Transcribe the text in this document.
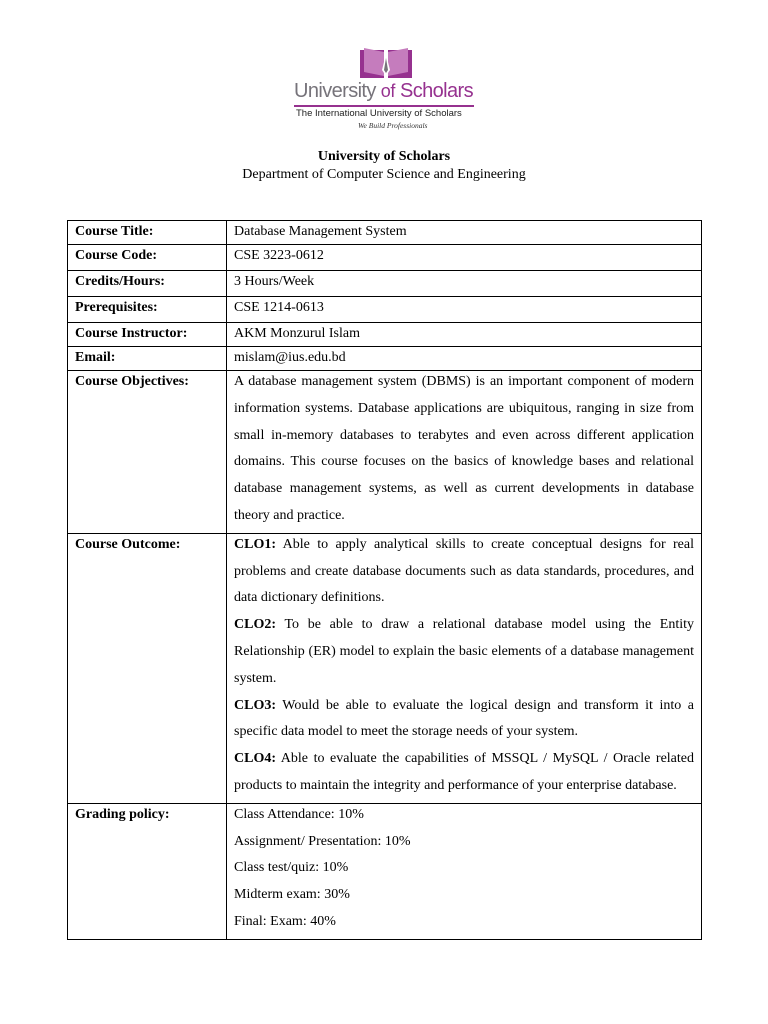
University of Scholars
The International University of Scholars
We Build Professionals
University of Scholars
Department of Computer Science and Engineering
Course Title:	Database Management System
Course Code:	CSE 3223-0612
Credits/Hours:	3 Hours/Week
Prerequisites:	CSE 1214-0613
Course Instructor:	AKM Monzurul Islam
Email:	mislam@ius.edu.bd
Course Objectives:	A database management system (DBMS) is an important component of modern information systems. Database applications are ubiquitous, ranging in size from small in-memory databases to terabytes and even across different application domains. This course focuses on the basics of knowledge bases and relational database management systems, as well as current developments in database theory and practice.

Course Outcome:	CLO1: Able to apply analytical skills to create conceptual designs for real problems and create database documents such as data standards, procedures, and data dictionary definitions.
CLO2: To be able to draw a relational database model using the Entity Relationship (ER) model to explain the basic elements of a database management system.
CLO3: Would be able to evaluate the logical design and transform it into a specific data model to meet the storage needs of your system.
CLO4: Able to evaluate the capabilities of MSSQL / MySQL / Oracle related products to maintain the integrity and performance of your enterprise database.

Grading policy:	Class Attendance: 10%
Assignment/ Presentation: 10%
Class test/quiz: 10%
Midterm exam: 30%
Final: Exam: 40%
